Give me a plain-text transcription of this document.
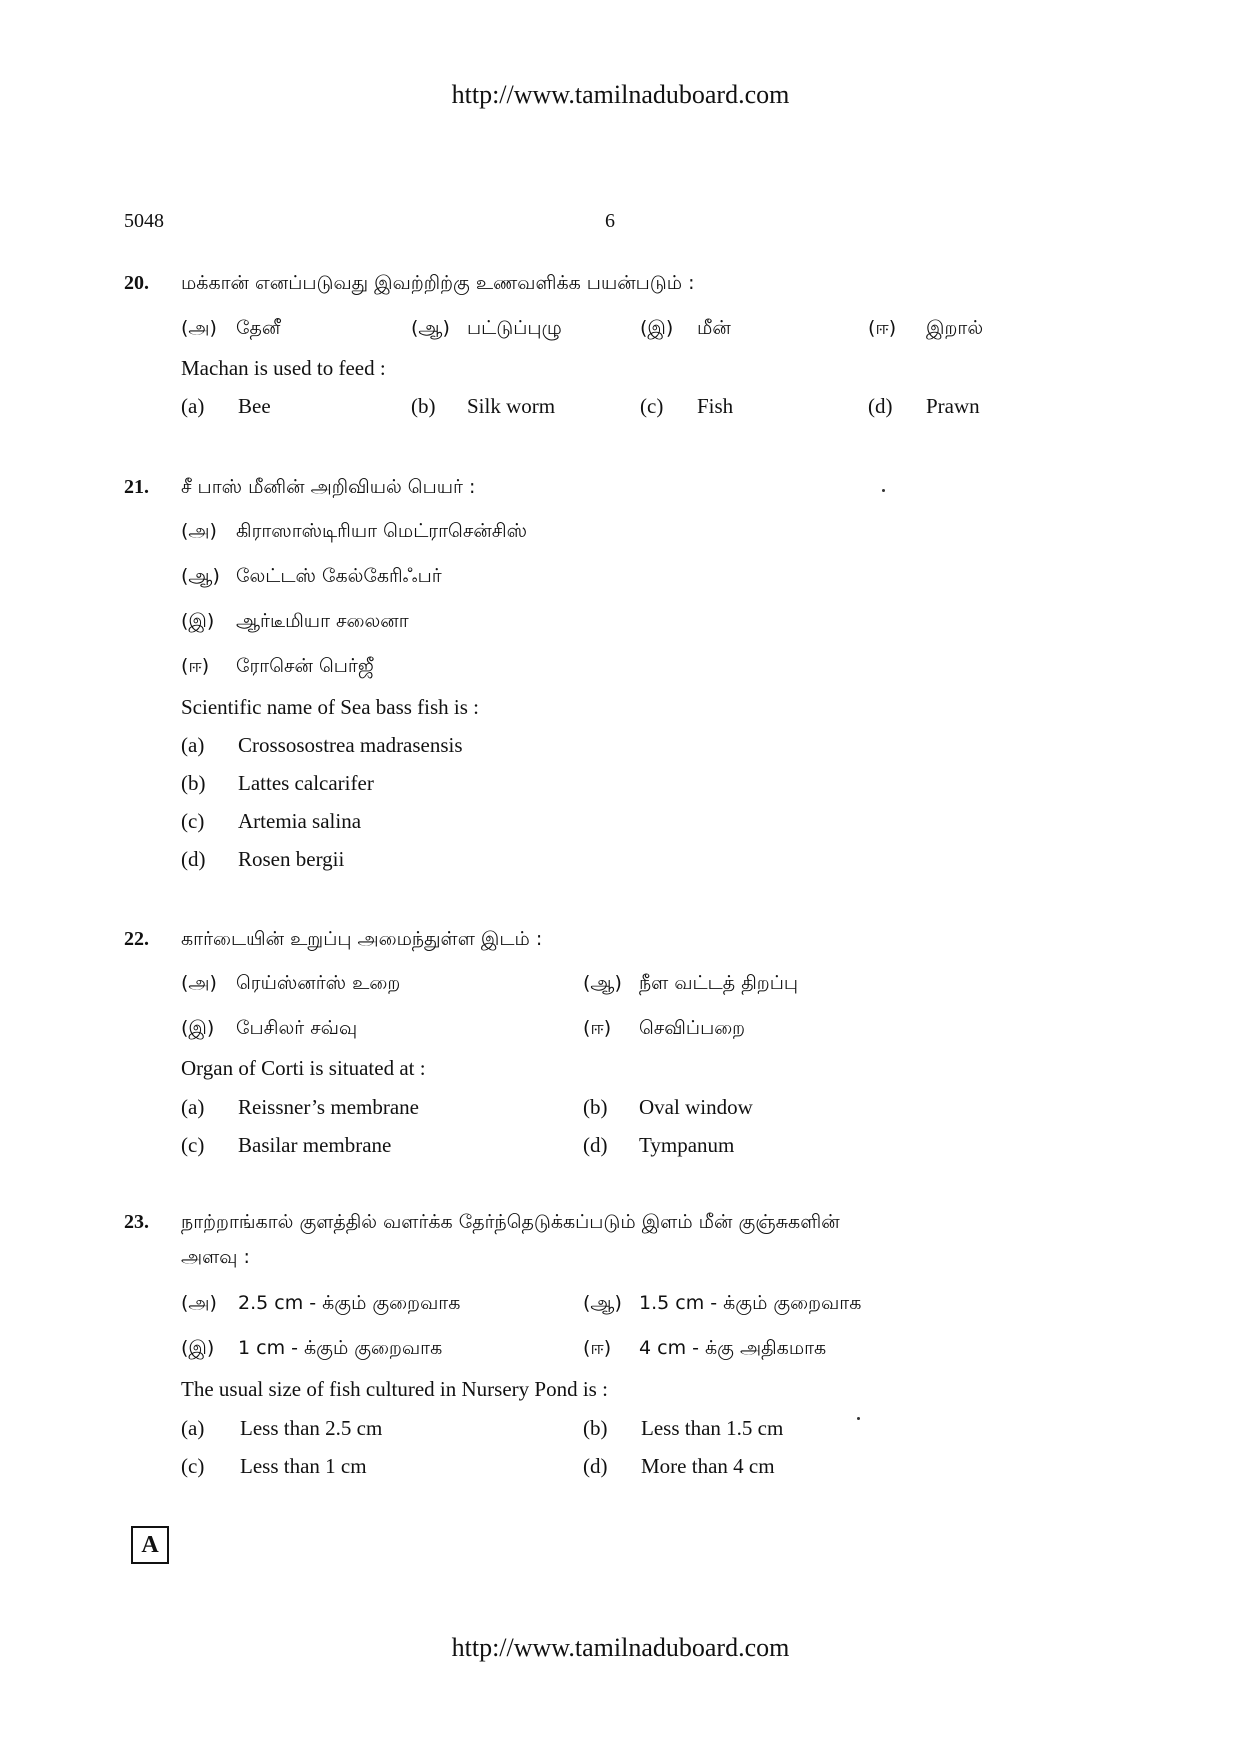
http://www.tamilnaduboard.com
5048	6
20. மக்கான் எனப்படுவது இவற்றிற்கு உணவளிக்க பயன்படும் :
(அ) தேனீ	(ஆ) பட்டுப்புழு	(இ) மீன்	(ஈ) இறால்
Machan is used to feed :
(a) Bee	(b) Silk worm	(c) Fish	(d) Prawn
21. சீ பாஸ் மீனின் அறிவியல் பெயர் :
(அ) கிராஸாஸ்டிரியா மெட்ராசென்சிஸ்
(ஆ) லேட்டஸ் கேல்கேரிஃபர்
(இ) ஆர்டீமியா சலைனா
(ஈ) ரோசென் பெர்ஜீ
Scientific name of Sea bass fish is :
(a) Crossosostrea madrasensis
(b) Lattes calcarifer
(c) Artemia salina
(d) Rosen bergii
22. கார்டையின் உறுப்பு அமைந்துள்ள இடம் :
(அ) ரெய்ஸ்னர்ஸ் உறை	(ஆ) நீள வட்டத் திறப்பு
(இ) பேசிலர் சவ்வு	(ஈ) செவிப்பறை
Organ of Corti is situated at :
(a) Reissner’s membrane	(b) Oval window
(c) Basilar membrane	(d) Tympanum
23. நாற்றாங்கால் குளத்தில் வளர்க்க தேர்ந்தெடுக்கப்படும் இளம் மீன் குஞ்சுகளின்
அளவு :
(அ) 2.5 cm - க்கும் குறைவாக	(ஆ) 1.5 cm - க்கும் குறைவாக
(இ) 1 cm - க்கும் குறைவாக	(ஈ) 4 cm - க்கு அதிகமாக
The usual size of fish cultured in Nursery Pond is :
(a) Less than 2.5 cm	(b) Less than 1.5 cm
(c) Less than 1 cm	(d) More than 4 cm
A
http://www.tamilnaduboard.com
